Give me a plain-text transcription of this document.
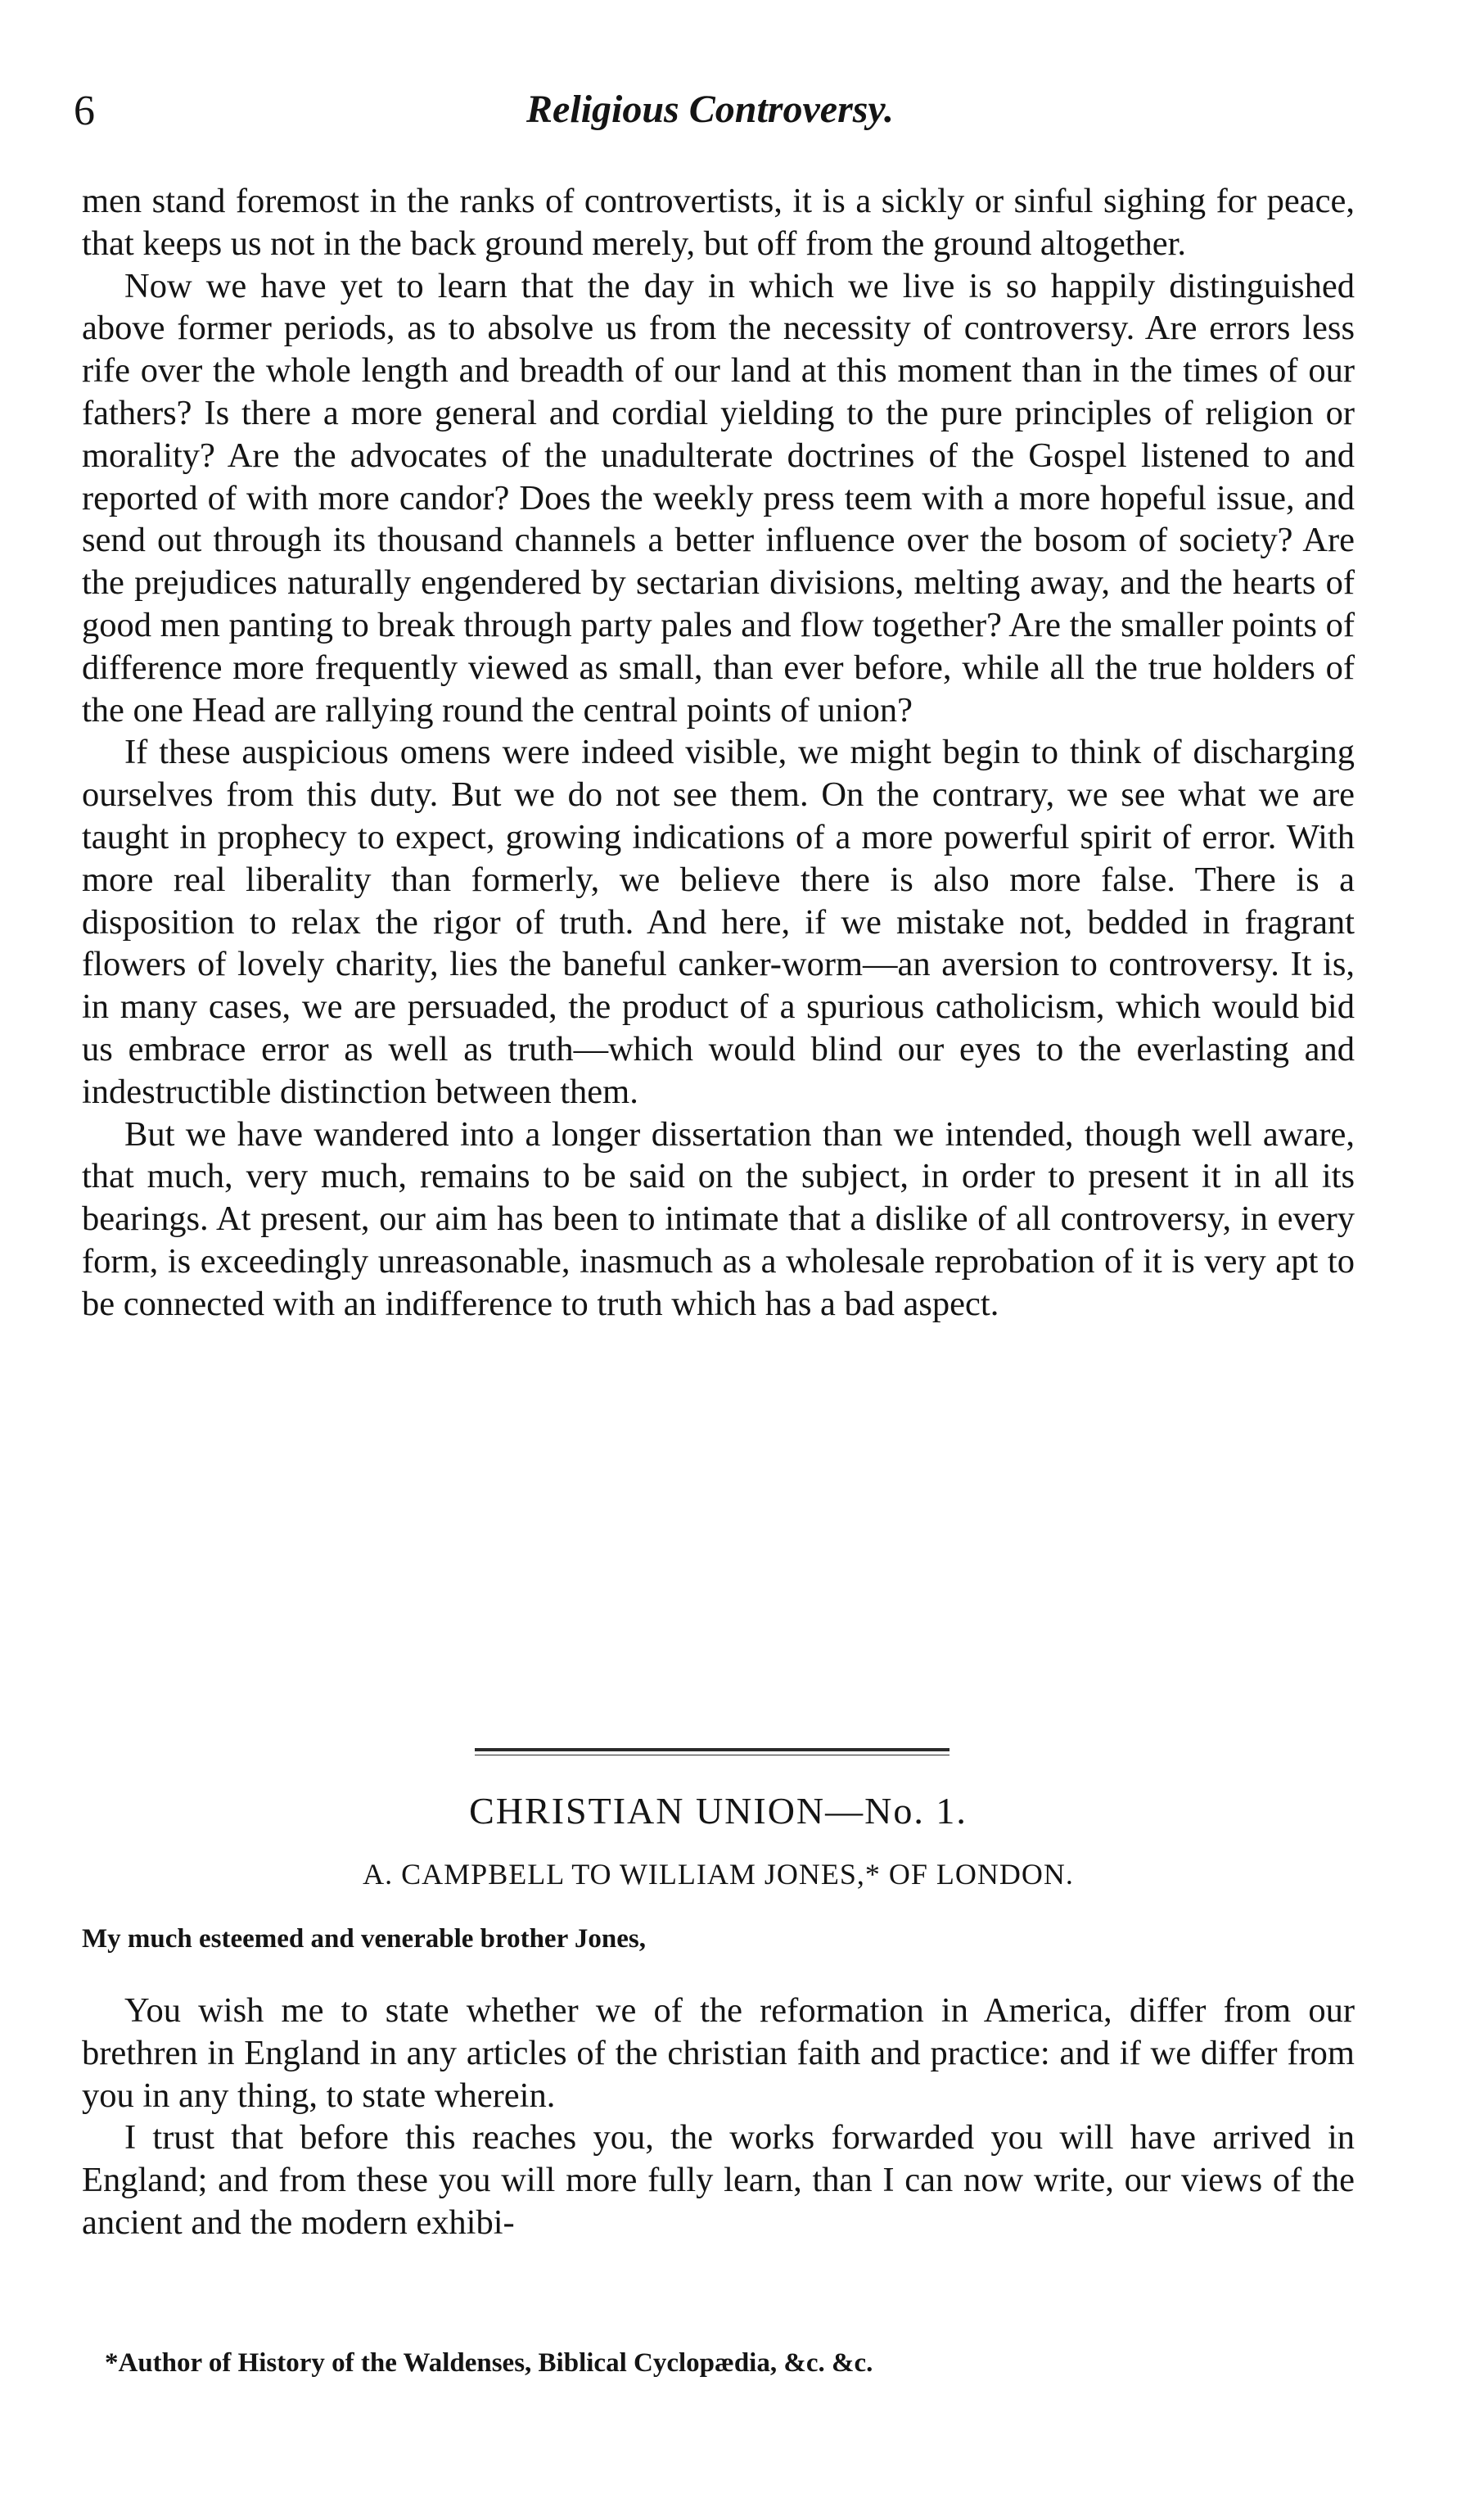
6	Religious Controversy.

men stand foremost in the ranks of controvertists, it is a sickly or sinful sighing for peace, that keeps us not in the back ground merely, but off from the ground altogether.

Now we have yet to learn that the day in which we live is so happily distinguished above former periods, as to absolve us from the necessity of controversy. Are errors less rife over the whole length and breadth of our land at this moment than in the times of our fathers? Is there a more general and cordial yielding to the pure principles of religion or morality? Are the advocates of the unadulterate doctrines of the Gospel listened to and reported of with more candor? Does the weekly press teem with a more hopeful issue, and send out through its thousand channels a better influence over the bosom of society? Are the prejudices naturally engendered by sectarian divisions, melting away, and the hearts of good men panting to break through party pales and flow together? Are the smaller points of difference more frequently viewed as small, than ever before, while all the true holders of the one Head are rallying round the central points of union?

If these auspicious omens were indeed visible, we might begin to think of discharging ourselves from this duty. But we do not see them. On the contrary, we see what we are taught in prophecy to expect, growing indications of a more powerful spirit of error. With more real liberality than formerly, we believe there is also more false. There is a disposition to relax the rigor of truth. And here, if we mistake not, bedded in fragrant flowers of lovely charity, lies the baneful canker-worm—an aversion to controversy. It is, in many cases, we are persuaded, the product of a spurious catholicism, which would bid us embrace error as well as truth—which would blind our eyes to the everlasting and indestructible distinction between them.

But we have wandered into a longer dissertation than we intended, though well aware, that much, very much, remains to be said on the subject, in order to present it in all its bearings. At present, our aim has been to intimate that a dislike of all controversy, in every form, is exceedingly unreasonable, inasmuch as a wholesale reprobation of it is very apt to be connected with an indifference to truth which has a bad aspect.

CHRISTIAN UNION—No. 1.
A. CAMPBELL TO WILLIAM JONES,* OF LONDON.
My much esteemed and venerable brother Jones,

You wish me to state whether we of the reformation in America, differ from our brethren in England in any articles of the christian faith and practice: and if we differ from you in any thing, to state wherein.

I trust that before this reaches you, the works forwarded you will have arrived in England; and from these you will more fully learn, than I can now write, our views of the ancient and the modern exhibi-

*Author of History of the Waldenses, Biblical Cyclopædia, &c. &c.
